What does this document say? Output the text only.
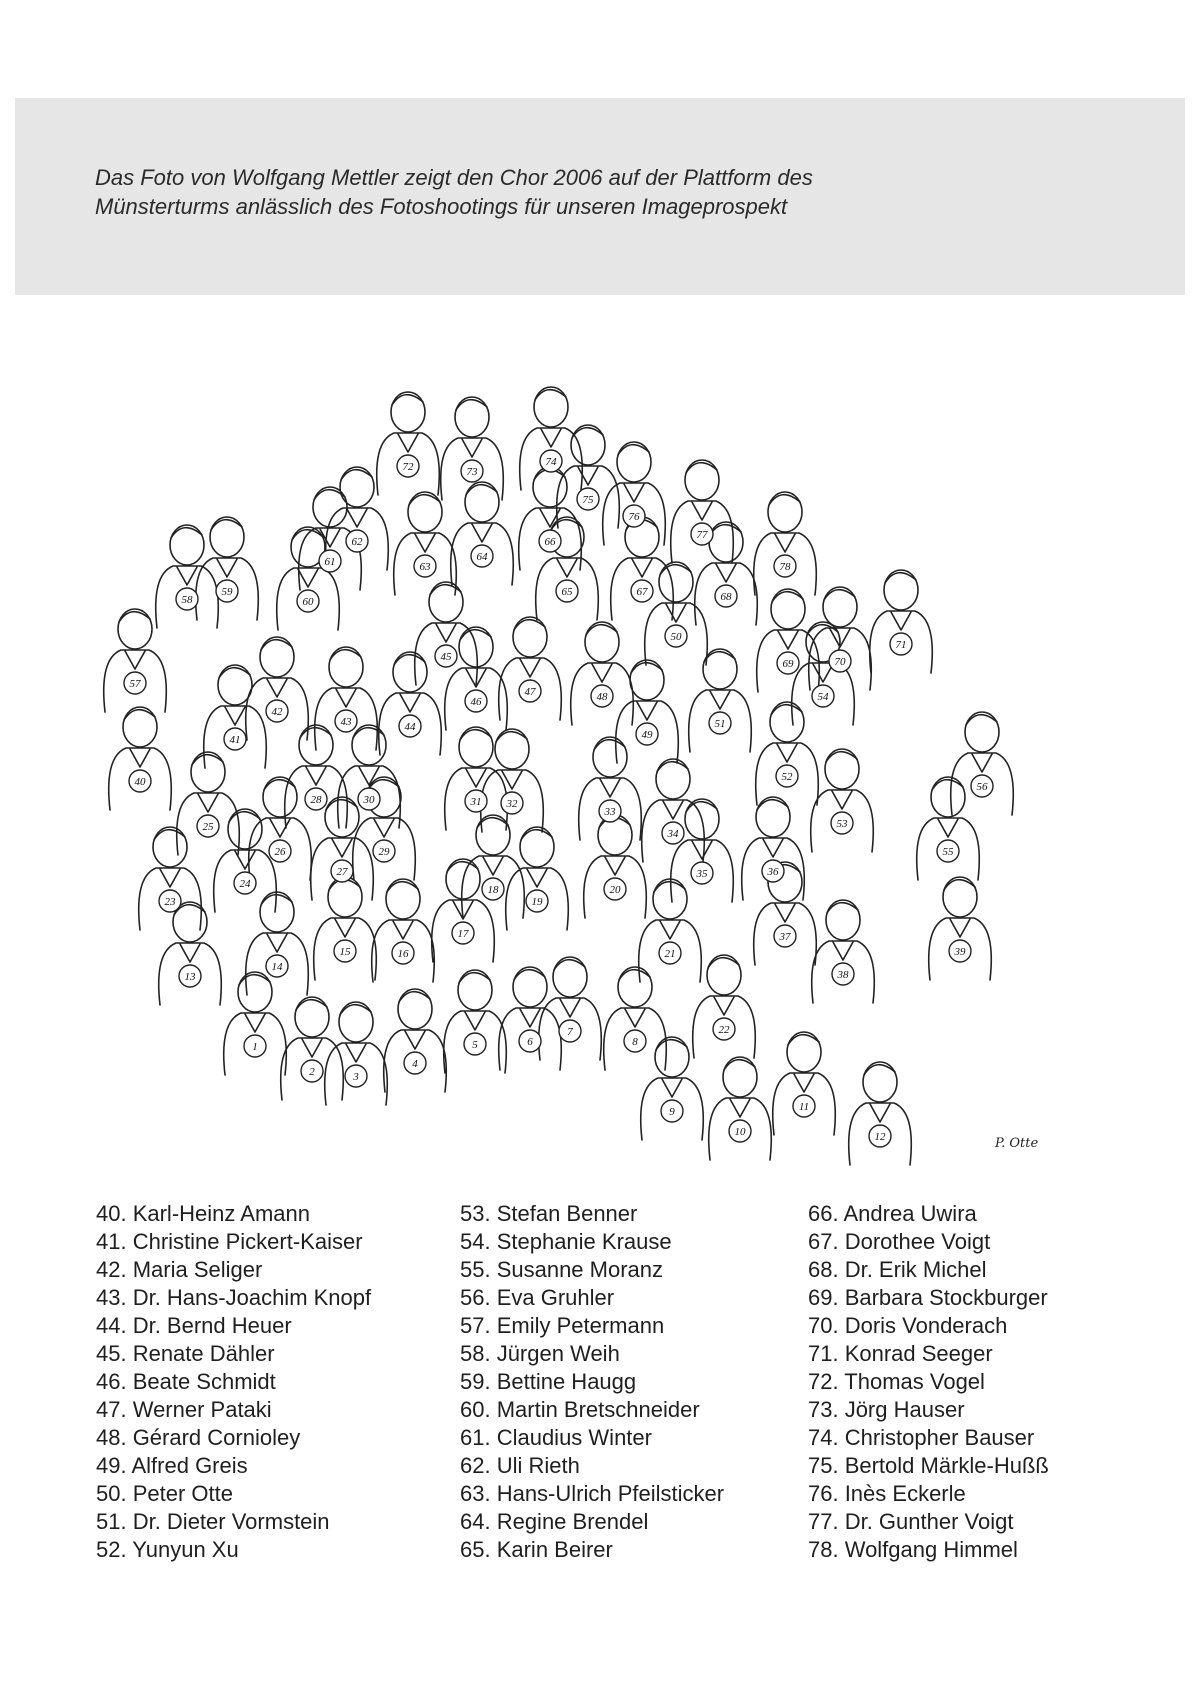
Das Foto von Wolfgang Mettler zeigt den Chor 2006 auf der Plattform des
Münsterturms anlässlich des Fotoshootings für unseren Imageprospekt
1
2	3
4
5	6
7
8
9
10
11
12
13
14
15	16
17
18
19
20
21
22
23
24
25
26
27
28
29
30	31 32
33
34
35	36
37
38
39
40
41
42
43	44
45
46
47	48
49
50
51
52
53
54
55
56
57
58
59
60
61
62
63
64
65
66
67	68
69	70
71
72	73
74
75
76
77
78
P. Otte
40. Karl-Heinz Amann
41. Christine Pickert-Kaiser
42. Maria Seliger
43. Dr. Hans-Joachim Knopf
44. Dr. Bernd Heuer
45. Renate Dähler
46. Beate Schmidt
47. Werner Pataki
48. Gérard Cornioley
49. Alfred Greis
50. Peter Otte
51. Dr. Dieter Vormstein
52. Yunyun Xu
53. Stefan Benner
54. Stephanie Krause
55. Susanne Moranz
56. Eva Gruhler
57. Emily Petermann
58. Jürgen Weih
59. Bettine Haugg
60. Martin Bretschneider
61. Claudius Winter
62. Uli Rieth
63. Hans-Ulrich Pfeilsticker
64. Regine Brendel
65. Karin Beirer
66. Andrea Uwira
67. Dorothee Voigt
68. Dr. Erik Michel
69. Barbara Stockburger
70. Doris Vonderach
71. Konrad Seeger
72. Thomas Vogel
73. Jörg Hauser
74. Christopher Bauser
75. Bertold Märkle-Hußß
76. Inès Eckerle
77. Dr. Gunther Voigt
78. Wolfgang Himmel
